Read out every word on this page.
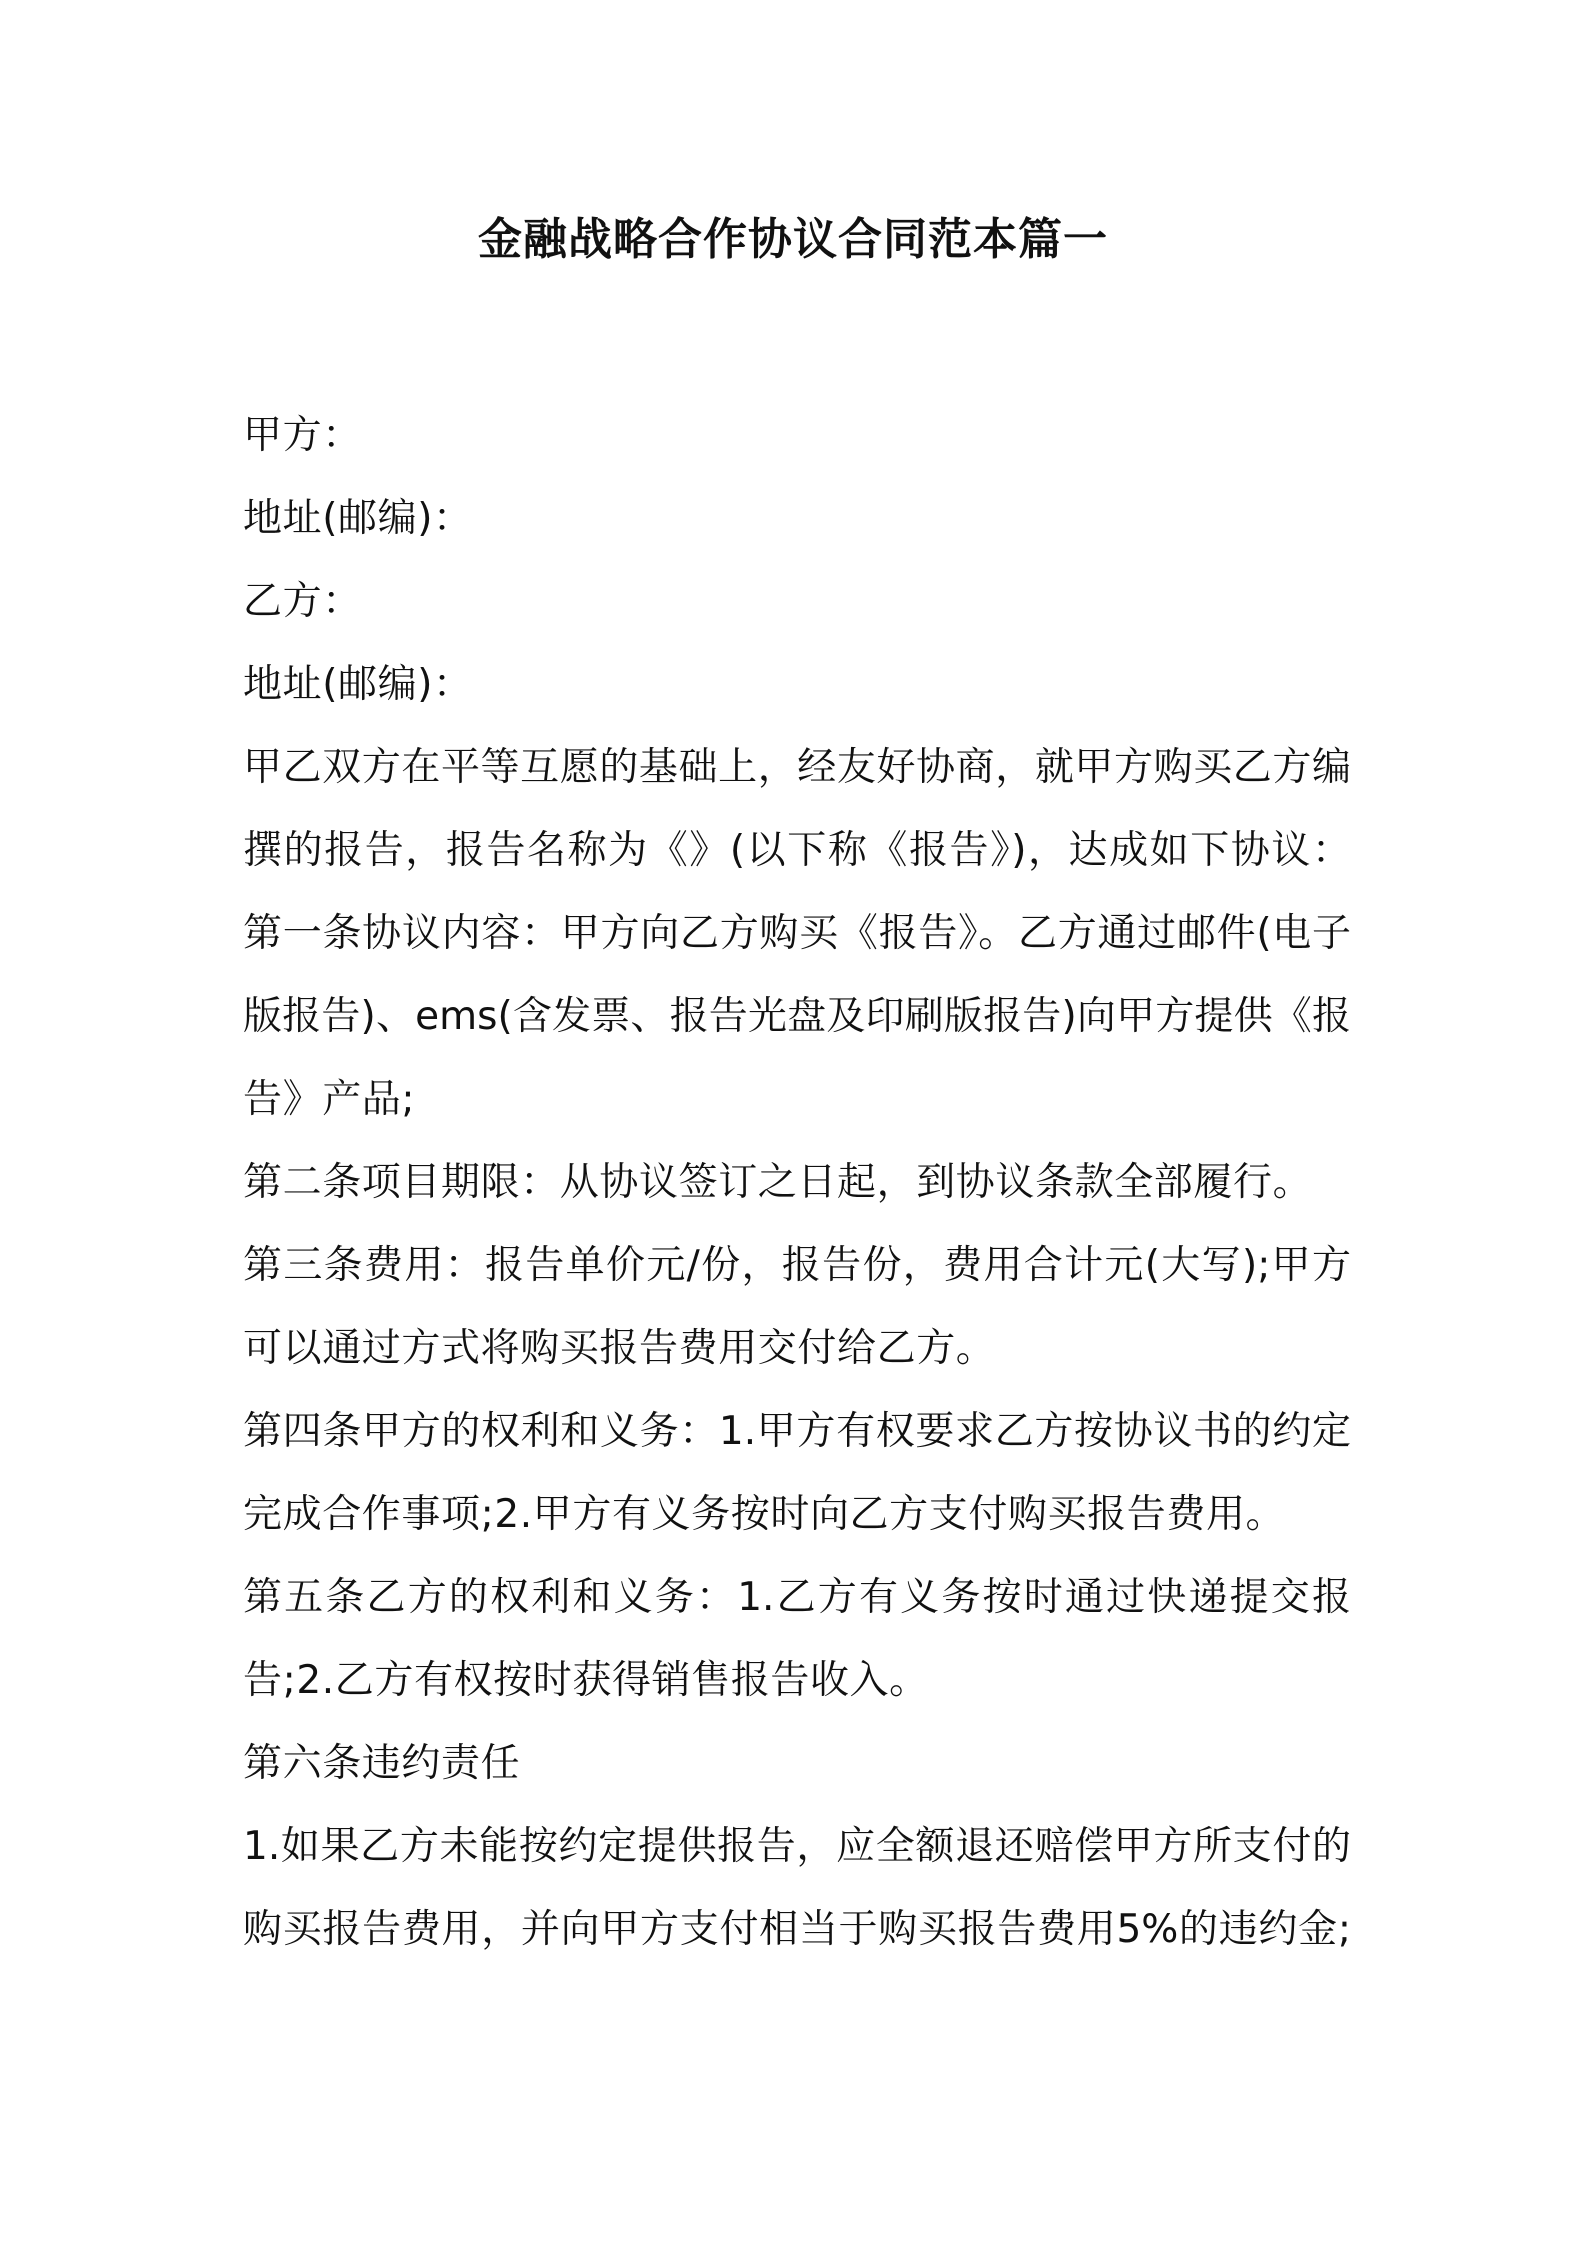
金融战略合作协议合同范本篇一
甲方：
地址(邮编)：
乙方：
地址(邮编)：
甲乙双方在平等互愿的基础上，经友好协商，就甲方购买乙方编
撰的报告，报告名称为《》(以下称《报告》)，达成如下协议：
第一条协议内容：甲方向乙方购买《报告》。乙方通过邮件(电子
版报告)、ems(含发票、报告光盘及印刷版报告)向甲方提供《报
告》产品;
第二条项目期限：从协议签订之日起，到协议条款全部履行。
第三条费用：报告单价元/份，报告份，费用合计元(大写);甲方
可以通过方式将购买报告费用交付给乙方。
第四条甲方的权利和义务：1.甲方有权要求乙方按协议书的约定
完成合作事项;2.甲方有义务按时向乙方支付购买报告费用。
第五条乙方的权利和义务：1.乙方有义务按时通过快递提交报
告;2.乙方有权按时获得销售报告收入。
第六条违约责任
1.如果乙方未能按约定提供报告，应全额退还赔偿甲方所支付的
购买报告费用，并向甲方支付相当于购买报告费用5%的违约金;
